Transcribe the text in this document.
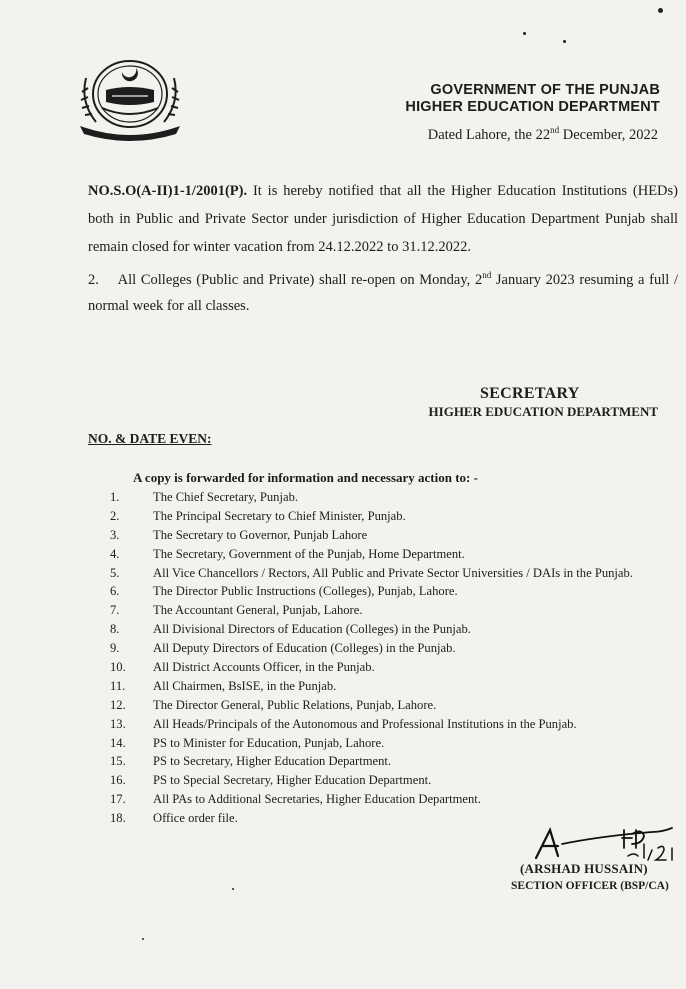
GOVERNMENT OF THE PUNJAB
HIGHER EDUCATION DEPARTMENT
Dated Lahore, the 22nd December, 2022
NO.S.O(A-II)1-1/2001(P). It is hereby notified that all the Higher Education Institutions (HEDs) both in Public and Private Sector under jurisdiction of Higher Education Department Punjab shall remain closed for winter vacation from 24.12.2022 to 31.12.2022.
2. All Colleges (Public and Private) shall re-open on Monday, 2nd January 2023 resuming a full / normal week for all classes.
SECRETARY
HIGHER EDUCATION DEPARTMENT
NO. & DATE EVEN:
A copy is forwarded for information and necessary action to: -
1.	The Chief Secretary, Punjab.
2.	The Principal Secretary to Chief Minister, Punjab.
3.	The Secretary to Governor, Punjab Lahore
4.	The Secretary, Government of the Punjab, Home Department.
5.	All Vice Chancellors / Rectors, All Public and Private Sector Universities / DAIs in the Punjab.
6.	The Director Public Instructions (Colleges), Punjab, Lahore.
7.	The Accountant General, Punjab, Lahore.
8.	All Divisional Directors of Education (Colleges) in the Punjab.
9.	All Deputy Directors of Education (Colleges) in the Punjab.
10.	All District Accounts Officer, in the Punjab.
11.	All Chairmen, BsISE, in the Punjab.
12.	The Director General, Public Relations, Punjab, Lahore.
13.	All Heads/Principals of the Autonomous and Professional Institutions in the Punjab.
14.	PS to Minister for Education, Punjab, Lahore.
15.	PS to Secretary, Higher Education Department.
16.	PS to Special Secretary, Higher Education Department.
17.	All PAs to Additional Secretaries, Higher Education Department.
18.	Office order file.
(ARSHAD HUSSAIN)
SECTION OFFICER (BSP/CA)
